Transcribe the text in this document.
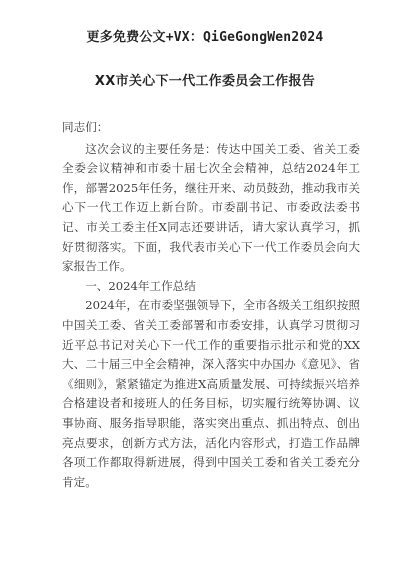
更多免费公文+VX：QiGeGongWen2024
XX市关心下一代工作委员会工作报告

同志们：

这次会议的主要任务是：传达中国关工委、省关工委全委会议精神和市委十届七次全会精神，总结2024年工作，部署2025年任务，继往开来、动员鼓劲，推动我市关心下一代工作迈上新台阶。市委副书记、市委政法委书记、市关工委主任X同志还要讲话，请大家认真学习，抓好贯彻落实。下面，我代表市关心下一代工作委员会向大家报告工作。

一、2024年工作总结

2024年，在市委坚强领导下，全市各级关工组织按照中国关工委、省关工委部署和市委安排，认真学习贯彻习近平总书记对关心下一代工作的重要指示批示和党的XX大、二十届三中全会精神，深入落实中办国办《意见》、省《细则》，紧紧锚定为推进X高质量发展、可持续振兴培养合格建设者和接班人的任务目标，切实履行统筹协调、议事协商、服务指导职能，落实突出重点、抓出特点、创出亮点要求，创新方式方法，活化内容形式，打造工作品牌各项工作都取得新进展，得到中国关工委和省关工委充分肯定。
